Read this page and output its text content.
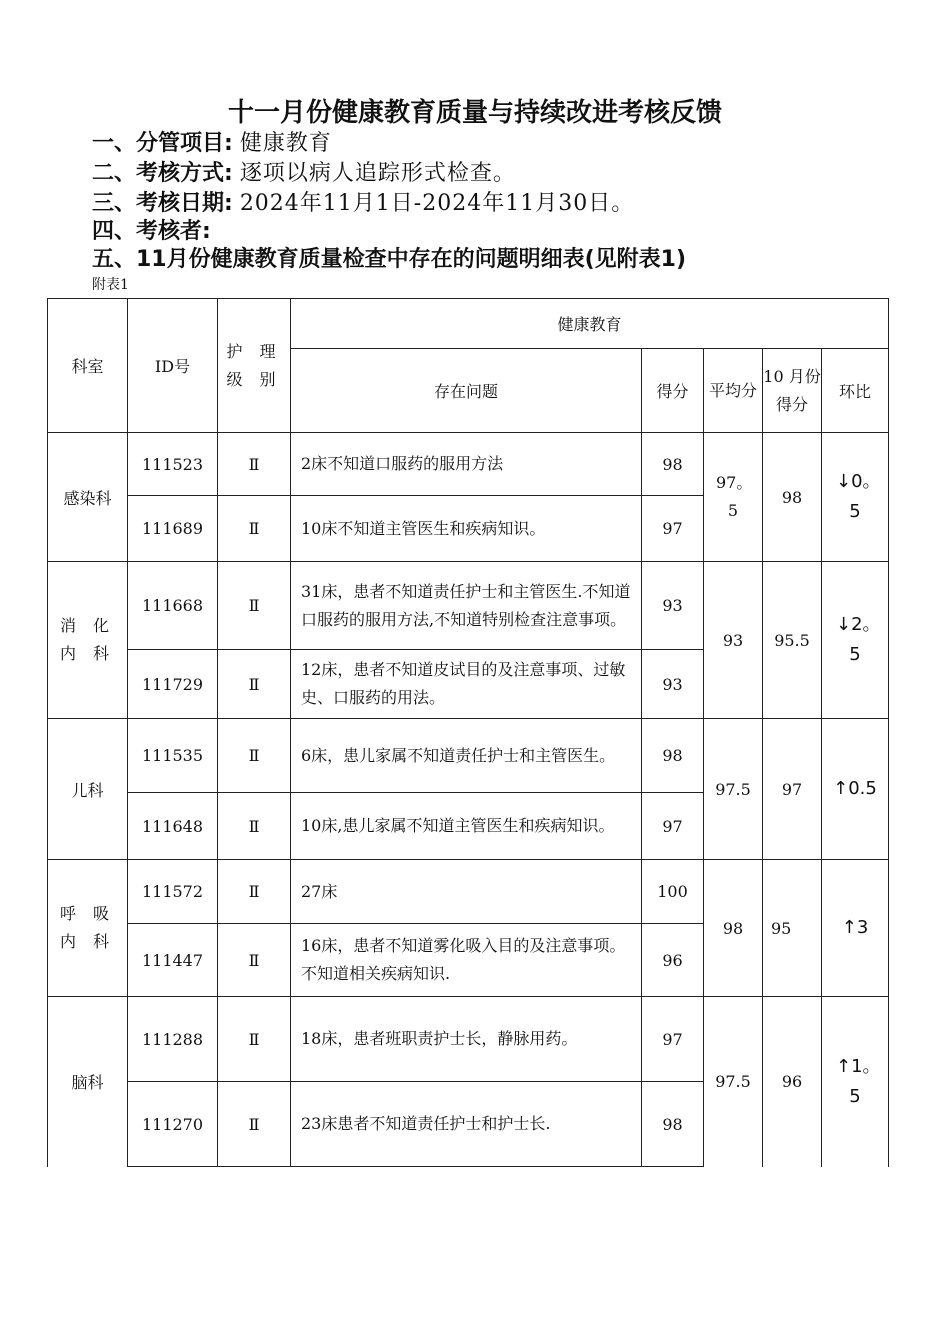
十一月份健康教育质量与持续改进考核反馈
一、分管项目: 健康教育
二、考核方式: 逐项以病人追踪形式检查。
三、考核日期: 2024年11月1日-2024年11月30日。
四、考核者:
五、11月份健康教育质量检查中存在的问题明细表(见附表1)
附表1
科室	ID号	护 理 级 别	健康教育				
			存在问题	得分	平均分	10 月份得分	环比
感染科	111523	Ⅱ	2床不知道口服药的服用方法	98	97。5	98	↓0。5
	111689	Ⅱ	10床不知道主管医生和疾病知识。	97			
消 化 内 科	111668	Ⅱ	31床，患者不知道责任护士和主管医生.不知道口服药的服用方法,不知道特别检查注意事项。	93	93	95.5	↓2。5
	111729	Ⅱ	12床，患者不知道皮试目的及注意事项、过敏史、口服药的用法。	93			
儿科	111535	Ⅱ	6床，患儿家属不知道责任护士和主管医生。	98	97.5	97	↑0.5
	111648	Ⅱ	10床,患儿家属不知道主管医生和疾病知识。	97			
呼 吸 内 科	111572	Ⅱ	27床	100	98	95	↑3
	111447	Ⅱ	16床，患者不知道雾化吸入目的及注意事项。不知道相关疾病知识.	96			
脑科	111288	Ⅱ	18床，患者班职责护士长，静脉用药。	97	97.5	96	↑1。5
	111270	Ⅱ	23床患者不知道责任护士和护士长.	98			
